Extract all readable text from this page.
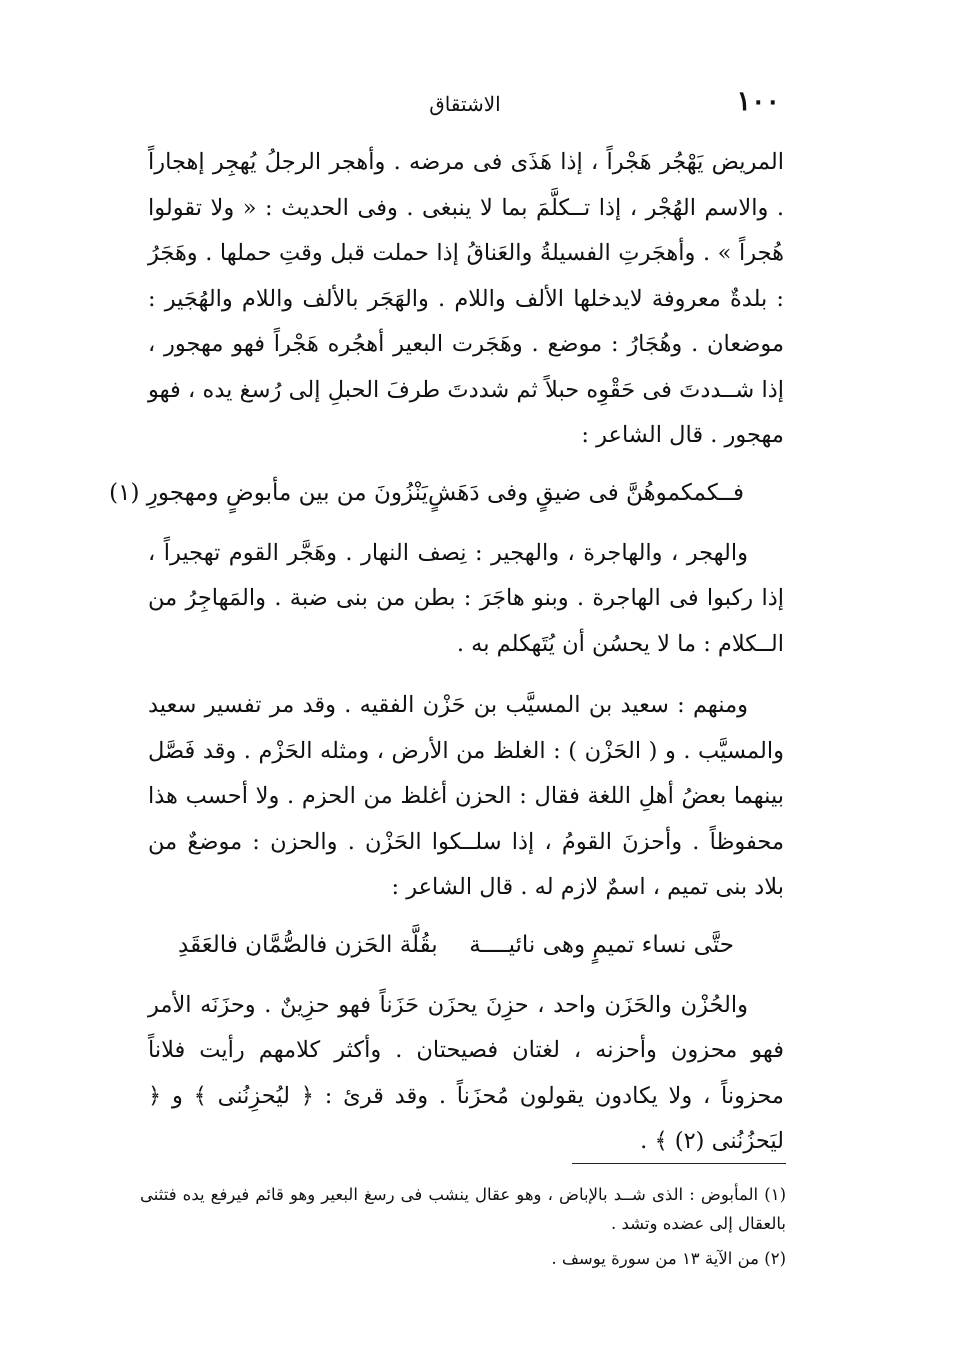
١٠٠
الاشتقاق

المريض يَهْجُر هَجْراً ، إذا هَذَى فى مرضه . وأهجر الرجلُ يُهجِر إهجاراً . والاسم الهُجْر ، إذا تــكلَّمَ بما لا ينبغى . وفى الحديث : « ولا تقولوا هُجراً » . وأهجَرتِ الفسيلةُ والعَناقُ إذا حملت قبل وقتِ حملها . وهَجَرُ : بلدةٌ معروفة لايدخلها الألف واللام . والهَجَر بالألف واللام والهُجَير : موضعان . وهُجَارُ : موضع . وهَجَرت البعير أهجُره هَجْراً فهو مهجور ، إذا شــددتَ فى حَقْوِه حبلاً ثم شددتَ طرفَ الحبلِ إلى رُسغ يده ، فهو مهجور . قال الشاعر :

فــكمكموهُنَّ فى ضيقٍ وفى دَهَشٍ
يَنْزُونَ من بين مأبوضٍ ومهجورِ (١)

والهجر ، والهاجرة ، والهجير : نِصف النهار . وهَجَّر القوم تهجيراً ، إذا ركبوا فى الهاجرة . وبنو هاجَرَ : بطن من بنى ضبة . والمَهاجِرُ من الــكلام : ما لا يحسُن أن يُتَهكلم به .

ومنهم : سعيد بن المسيَّب بن حَزْن الفقيه . وقد مر تفسير سعيد والمسيَّب . و ( الحَزْن ) : الغلظ من الأرض ، ومثله الحَزْم . وقد فَصَّل بينهما بعضُ أهلِ اللغة فقال : الحزن أغلظ من الحزم . ولا أحسب هذا محفوظاً . وأحزنَ القومُ ، إذا سلــكوا الحَزْن . والحزن : موضعٌ من بلاد بنى تميم ، اسمٌ لازم له . قال الشاعر :

حتَّى نساء تميمٍ وهى نائيــــة
بقُلَّة الحَزن فالصُّمَّان فالعَقَدِ

والحُزْن والحَزَن واحد ، حزِنَ يحزَن حَزَناً فهو حزِينٌ . وحزَنَه الأمر فهو محزون وأحزنه ، لغتان فصيحتان . وأكثر كلامهم رأيت فلاناً محزوناً ، ولا يكادون يقولون مُحزَناً . وقد قرئ : ﴿ ليُحزِنُنى ﴾ و ﴿ ليَحزُنُنى (٢) ﴾ .

(١) المأبوض : الذى شــد بالإباض ، وهو عقال ينشب فى رسغ البعير وهو قائم فيرفع يده فتثنى بالعقال إلى عضده وتشد .

(٢) من الآية ١٣ من سورة يوسف .
